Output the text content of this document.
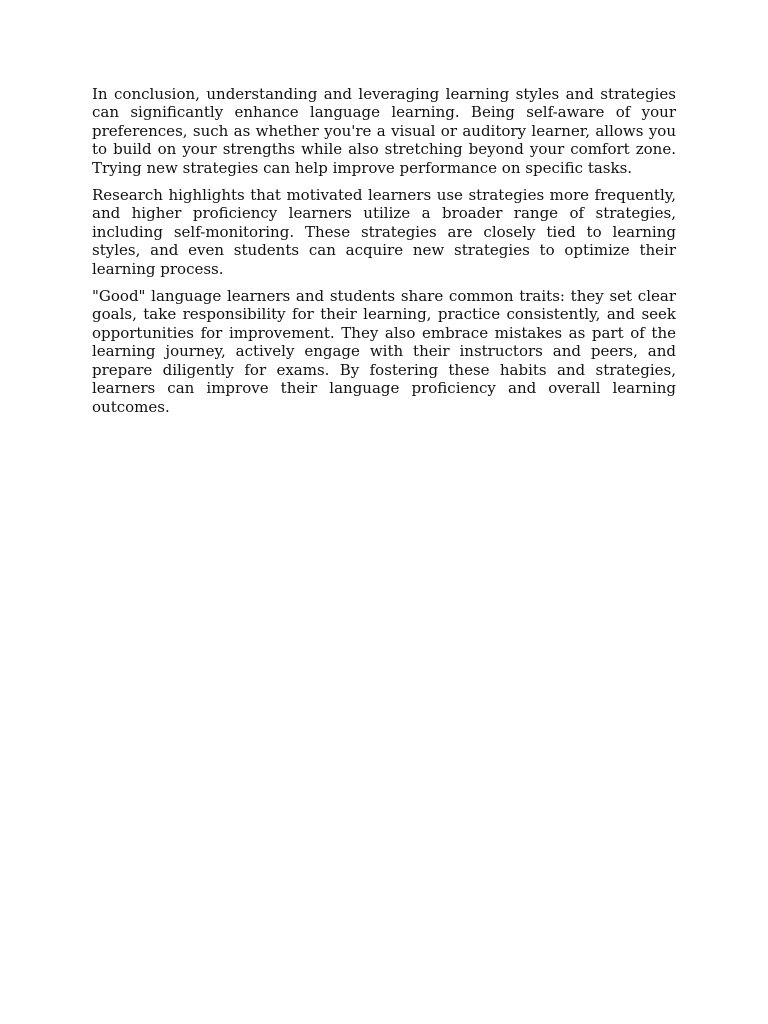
In conclusion, understanding and leveraging learning styles and strategies can significantly enhance language learning. Being self-aware of your preferences, such as whether you're a visual or auditory learner, allows you to build on your strengths while also stretching beyond your comfort zone. Trying new strategies can help improve performance on specific tasks.

Research highlights that motivated learners use strategies more frequently, and higher proficiency learners utilize a broader range of strategies, including self-monitoring. These strategies are closely tied to learning styles, and even students can acquire new strategies to optimize their learning process.

"Good" language learners and students share common traits: they set clear goals, take responsibility for their learning, practice consistently, and seek opportunities for improvement. They also embrace mistakes as part of the learning journey, actively engage with their instructors and peers, and prepare diligently for exams. By fostering these habits and strategies, learners can improve their language proficiency and overall learning outcomes.
